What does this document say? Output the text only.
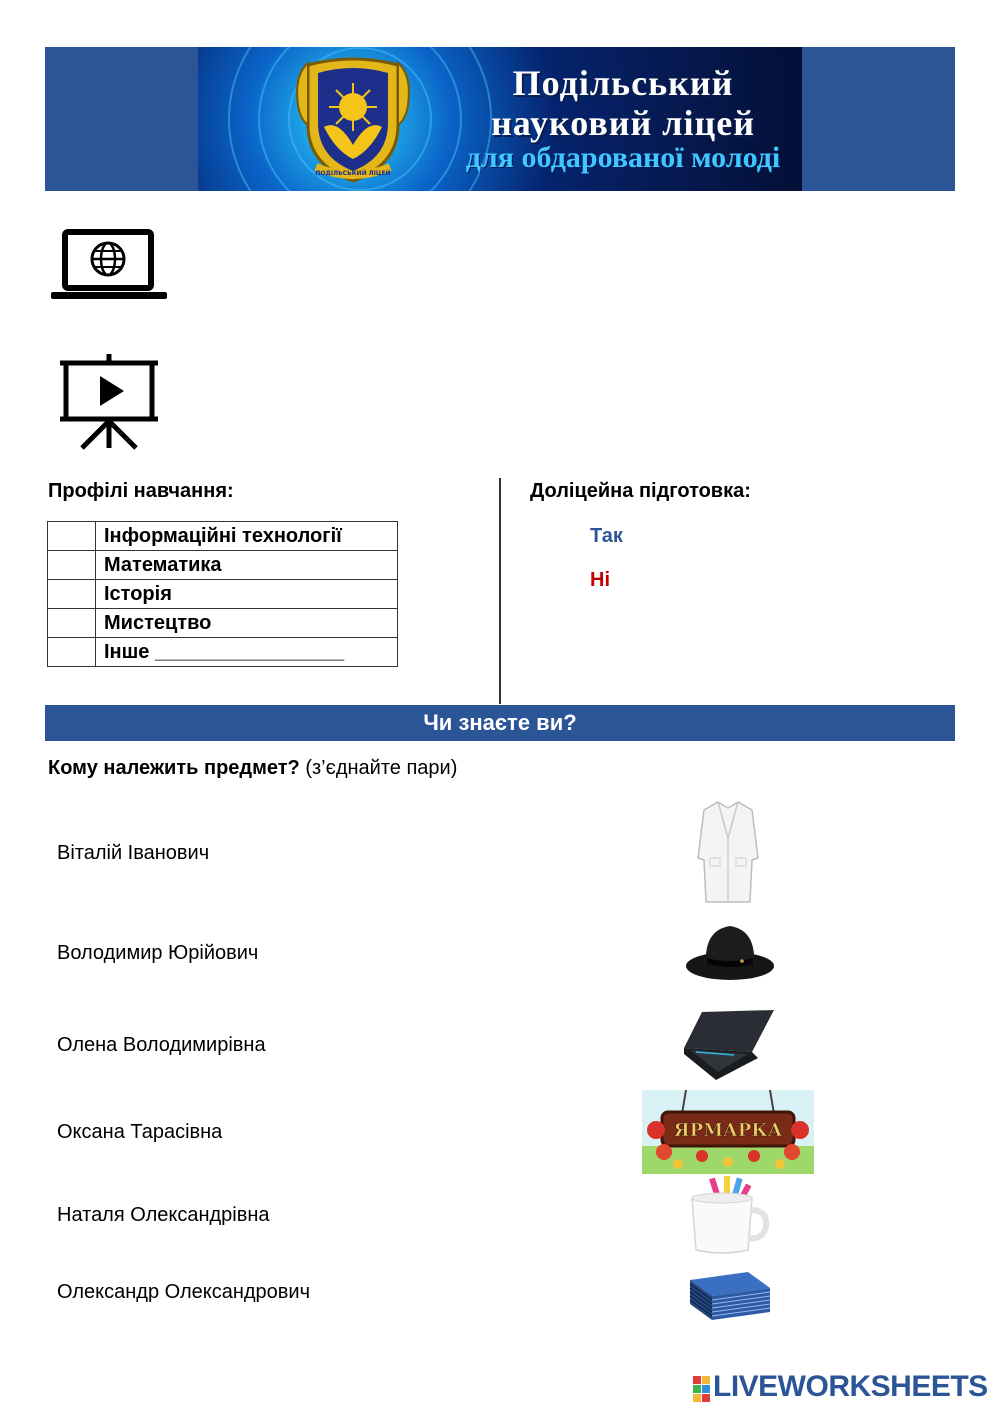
ПОДІЛЬСЬКИЙ ЛІЦЕЙ
Подільський
науковий ліцей
для обдарованої молоді
Профілі навчання:
	Інформаційні технології
	Математика
	Історія
	Мистецтво
	Інше _________________
Доліцейна підготовка:
Так
Ні
Чи знаєте ви?
Кому належить предмет? (з’єднайте пари)
Віталій Іванович
Володимир Юрійович
Олена Володимирівна
Оксана Тарасівна
Наталя Олександрівна
Олександр Олександрович
ЯРМАРКА
LIVEWORKSHEETS
